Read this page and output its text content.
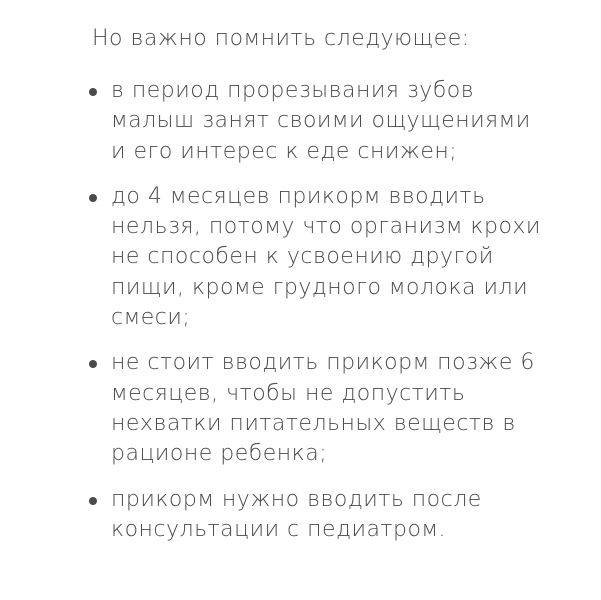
Но важно помнить следующее:

в период прорезывания зубов
малыш занят своими ощущениями
и его интерес к еде снижен;
до 4 месяцев прикорм вводить
нельзя, потому что организм крохи
не способен к усвоению другой
пищи, кроме грудного молока или
смеси;
не стоит вводить прикорм позже 6
месяцев, чтобы не допустить
нехватки питательных веществ в
рационе ребенка;
прикорм нужно вводить после
консультации с педиатром.
